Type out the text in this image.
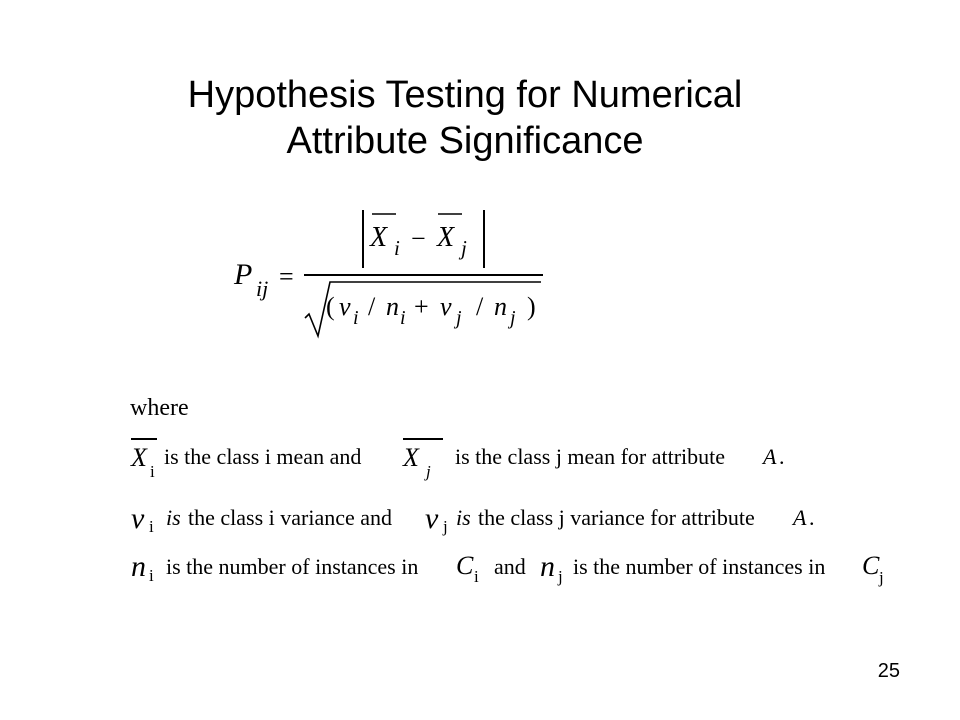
Hypothesis Testing for Numerical
Attribute Significance
P ij =
X i − X j
( v i / n i + v j / n j )
where
X i
is the class i mean and X j
is the class j mean for attribute A .
v i is the class i variance and v j is the class j variance for attribute A .
n i is the number of instances in C i and n j is the number of instances in C j
25
